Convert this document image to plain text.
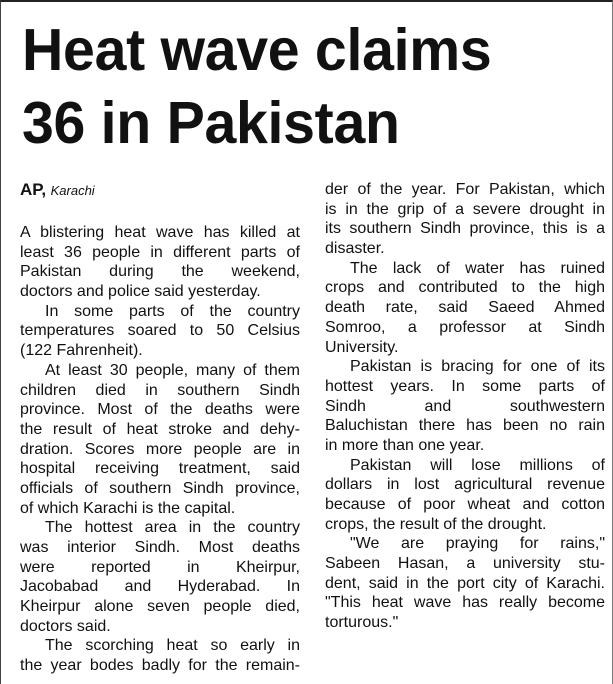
Heat wave claims
36 in Pakistan
AP, Karachi
A blistering heat wave has killed at
least 36 people in different parts of
Pakistan during the weekend,
doctors and police said yesterday.
In some parts of the country
temperatures soared to 50 Celsius
(122 Fahrenheit).
At least 30 people, many of them
children died in southern Sindh
province. Most of the deaths were
the result of heat stroke and dehy-
dration. Scores more people are in
hospital receiving treatment, said
officials of southern Sindh province,
of which Karachi is the capital.
The hottest area in the country
was interior Sindh. Most deaths
were reported in Kheirpur,
Jacobabad and Hyderabad. In
Kheirpur alone seven people died,
doctors said.
The scorching heat so early in
the year bodes badly for the remain-
der of the year. For Pakistan, which
is in the grip of a severe drought in
its southern Sindh province, this is a
disaster.
The lack of water has ruined
crops and contributed to the high
death rate, said Saeed Ahmed
Somroo, a professor at Sindh
University.
Pakistan is bracing for one of its
hottest years. In some parts of
Sindh and southwestern
Baluchistan there has been no rain
in more than one year.
Pakistan will lose millions of
dollars in lost agricultural revenue
because of poor wheat and cotton
crops, the result of the drought.
"We are praying for rains,"
Sabeen Hasan, a university stu-
dent, said in the port city of Karachi.
"This heat wave has really become
torturous."
